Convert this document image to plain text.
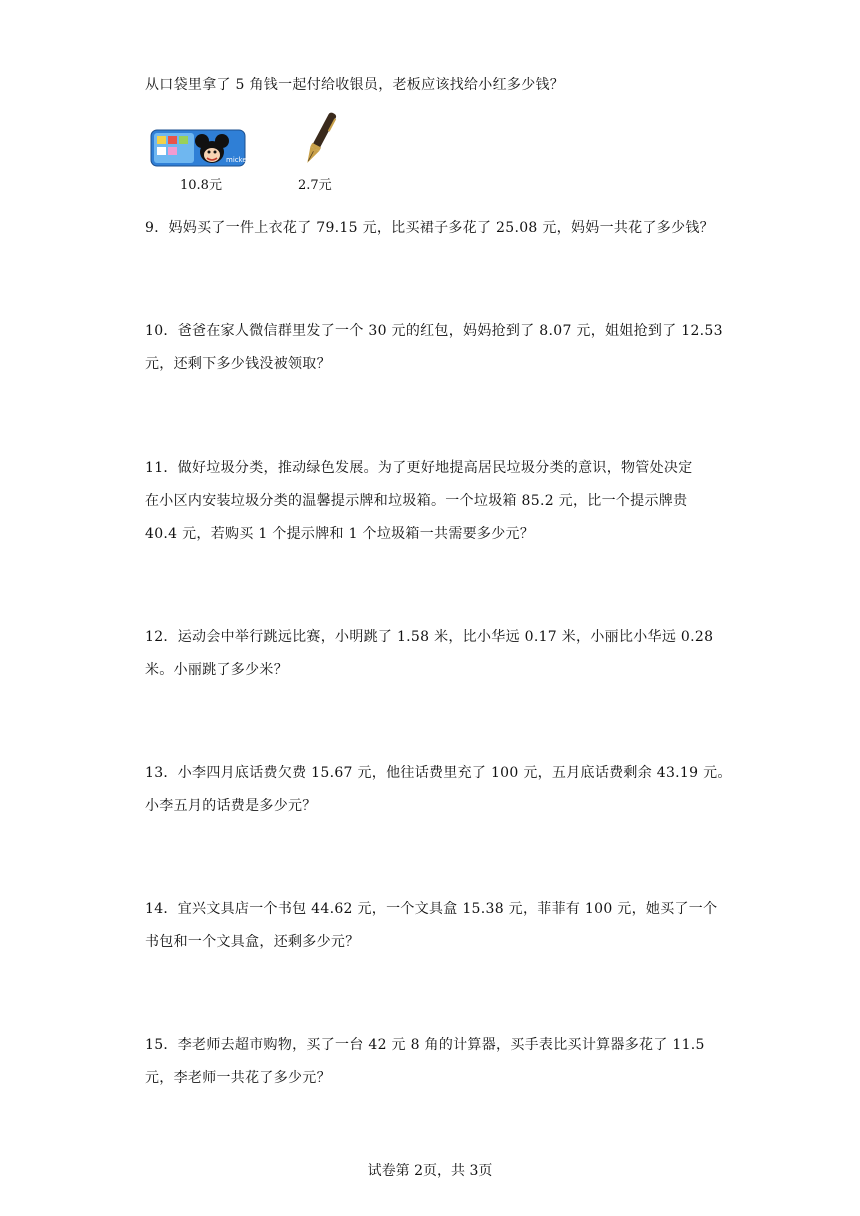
从口袋里拿了 5 角钱一起付给收银员，老板应该找给小红多少钱？
mickey
10.8元	2.7元
9．妈妈买了一件上衣花了 79.15 元，比买裙子多花了 25.08 元，妈妈一共花了多少钱？
10．爸爸在家人微信群里发了一个 30 元的红包，妈妈抢到了 8.07 元，姐姐抢到了 12.53
元，还剩下多少钱没被领取？
11．做好垃圾分类，推动绿色发展。为了更好地提高居民垃圾分类的意识，物管处决定
在小区内安装垃圾分类的温馨提示牌和垃圾箱。一个垃圾箱 85.2 元，比一个提示牌贵
40.4 元，若购买 1 个提示牌和 1 个垃圾箱一共需要多少元？
12．运动会中举行跳远比赛，小明跳了 1.58 米，比小华远 0.17 米，小丽比小华远 0.28
米。小丽跳了多少米？
13．小李四月底话费欠费 15.67 元，他往话费里充了 100 元，五月底话费剩余 43.19 元。
小李五月的话费是多少元？
14．宜兴文具店一个书包 44.62 元，一个文具盒 15.38 元，菲菲有 100 元，她买了一个
书包和一个文具盒，还剩多少元？
15．李老师去超市购物，买了一台 42 元 8 角的计算器，买手表比买计算器多花了 11.5
元，李老师一共花了多少元？
试卷第 2页，共 3页
